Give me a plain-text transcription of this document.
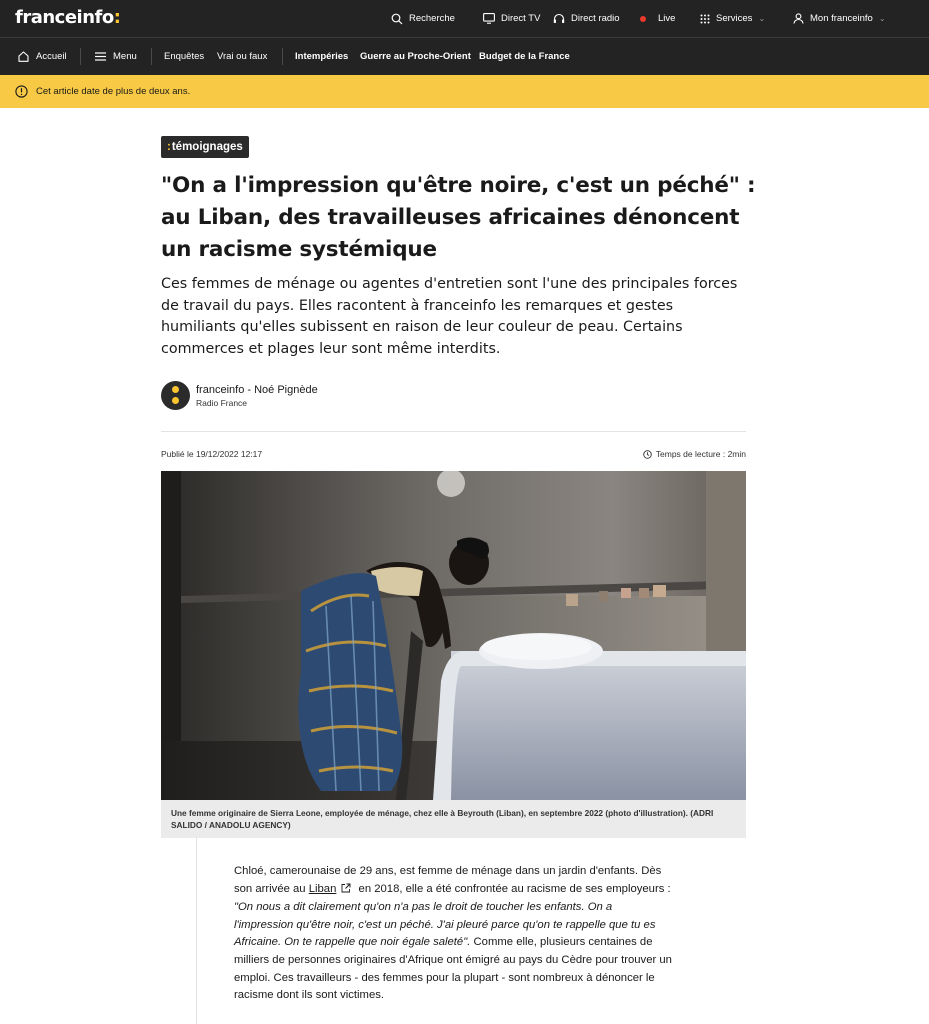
franceinfo:	Recherche	Direct TV	Direct radio	Live	Services ⌄	Mon franceinfo ⌄
Accueil	Menu	Enquêtes Vrai ou faux	Intempéries Guerre au Proche-Orient Budget de la France
Cet article date de plus de deux ans.
: témoignages
"On a l'impression qu'être noire, c'est un péché" : au Liban, des travailleuses africaines dénoncent un racisme systémique

Ces femmes de ménage ou agentes d'entretien sont l'une des principales forces de travail du pays. Elles racontent à franceinfo les remarques et gestes humiliants qu'elles subissent en raison de leur couleur de peau. Certains commerces et plages leur sont même interdits.

franceinfo - Noé Pignède
Radio France
Publié le 19/12/2022 12:17	Temps de lecture : 2min
Une femme originaire de Sierra Leone, employée de ménage, chez elle à Beyrouth (Liban), en septembre 2022 (photo d'illustration). (ADRI SALIDO / ANADOLU AGENCY)
Chloé, camerounaise de 29 ans, est femme de ménage dans un jardin d'enfants. Dès son arrivée au Liban en 2018, elle a été confrontée au racisme de ses employeurs : "On nous a dit clairement qu'on n'a pas le droit de toucher les enfants. On a l'impression qu'être noir, c'est un péché. J'ai pleuré parce qu'on te rappelle que tu es Africaine. On te rappelle que noir égale saleté". Comme elle, plusieurs centaines de milliers de personnes originaires d'Afrique ont émigré au pays du Cèdre pour trouver un emploi. Ces travailleurs - des femmes pour la plupart - sont nombreux à dénoncer le racisme dont ils sont victimes.
